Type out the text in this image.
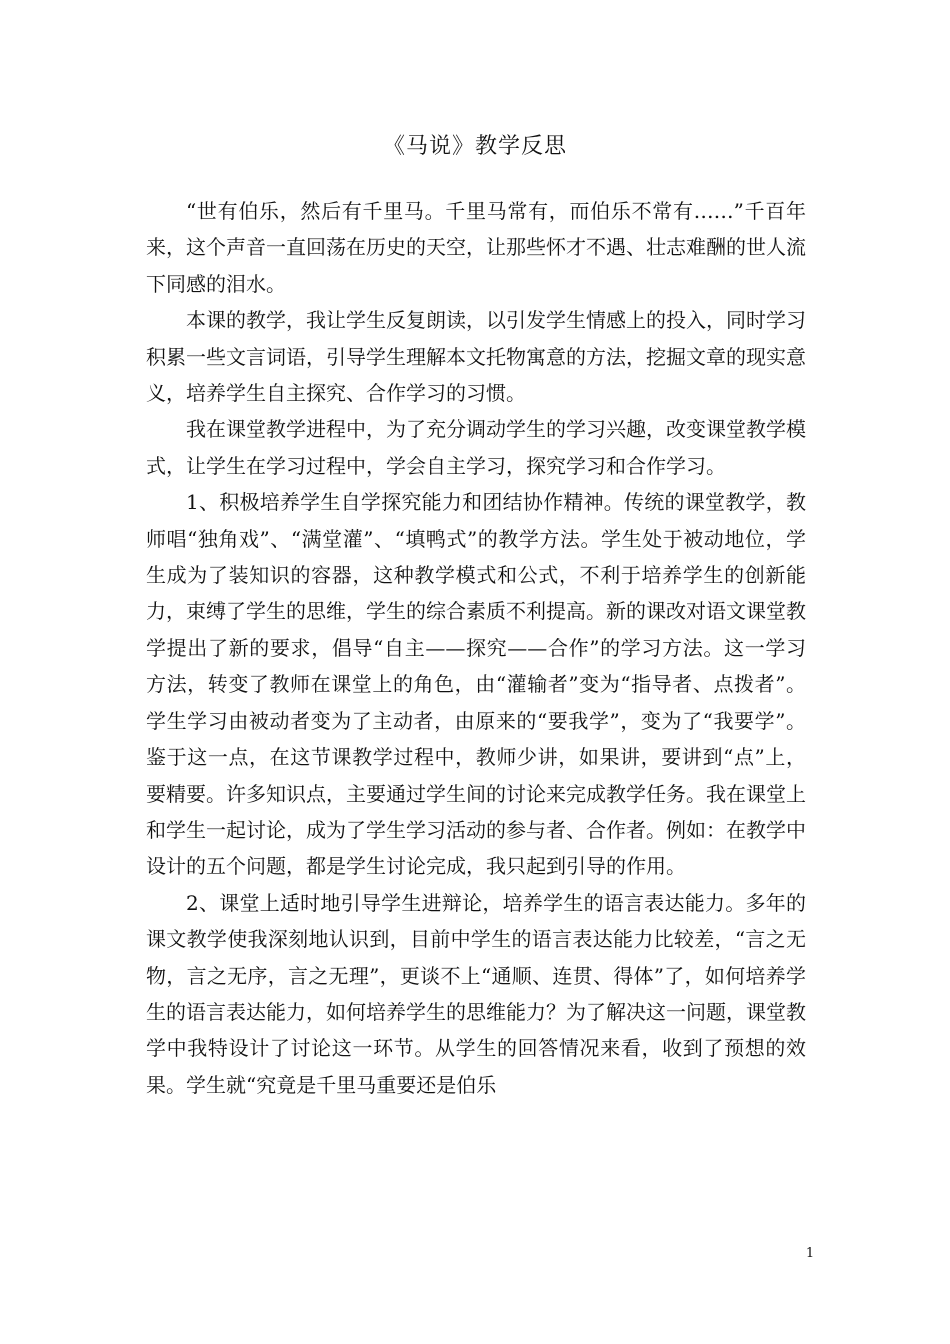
《马说》教学反思

“世有伯乐，然后有千里马。千里马常有，而伯乐不常有……”千百年来，这个声音一直回荡在历史的天空，让那些怀才不遇、壮志难酬的世人流下同感的泪水。

本课的教学，我让学生反复朗读，以引发学生情感上的投入，同时学习积累一些文言词语，引导学生理解本文托物寓意的方法，挖掘文章的现实意义，培养学生自主探究、合作学习的习惯。

我在课堂教学进程中，为了充分调动学生的学习兴趣，改变课堂教学模式，让学生在学习过程中，学会自主学习，探究学习和合作学习。

1、积极培养学生自学探究能力和团结协作精神。传统的课堂教学，教师唱“独角戏”、“满堂灌”、“填鸭式”的教学方法。学生处于被动地位，学生成为了装知识的容器，这种教学模式和公式，不利于培养学生的创新能力，束缚了学生的思维，学生的综合素质不利提高。新的课改对语文课堂教学提出了新的要求，倡导“自主——探究——合作”的学习方法。这一学习方法，转变了教师在课堂上的角色，由“灌输者”变为“指导者、点拨者”。学生学习由被动者变为了主动者，由原来的“要我学”，变为了“我要学”。鉴于这一点，在这节课教学过程中，教师少讲，如果讲，要讲到“点”上，要精要。许多知识点，主要通过学生间的讨论来完成教学任务。我在课堂上和学生一起讨论，成为了学生学习活动的参与者、合作者。例如：在教学中设计的五个问题，都是学生讨论完成，我只起到引导的作用。

2、课堂上适时地引导学生进辩论，培养学生的语言表达能力。多年的课文教学使我深刻地认识到，目前中学生的语言表达能力比较差，“言之无物，言之无序，言之无理”，更谈不上“通顺、连贯、得体”了，如何培养学生的语言表达能力，如何培养学生的思维能力？为了解决这一问题，课堂教学中我特设计了讨论这一环节。从学生的回答情况来看，收到了预想的效果。学生就“究竟是千里马重要还是伯乐

1
